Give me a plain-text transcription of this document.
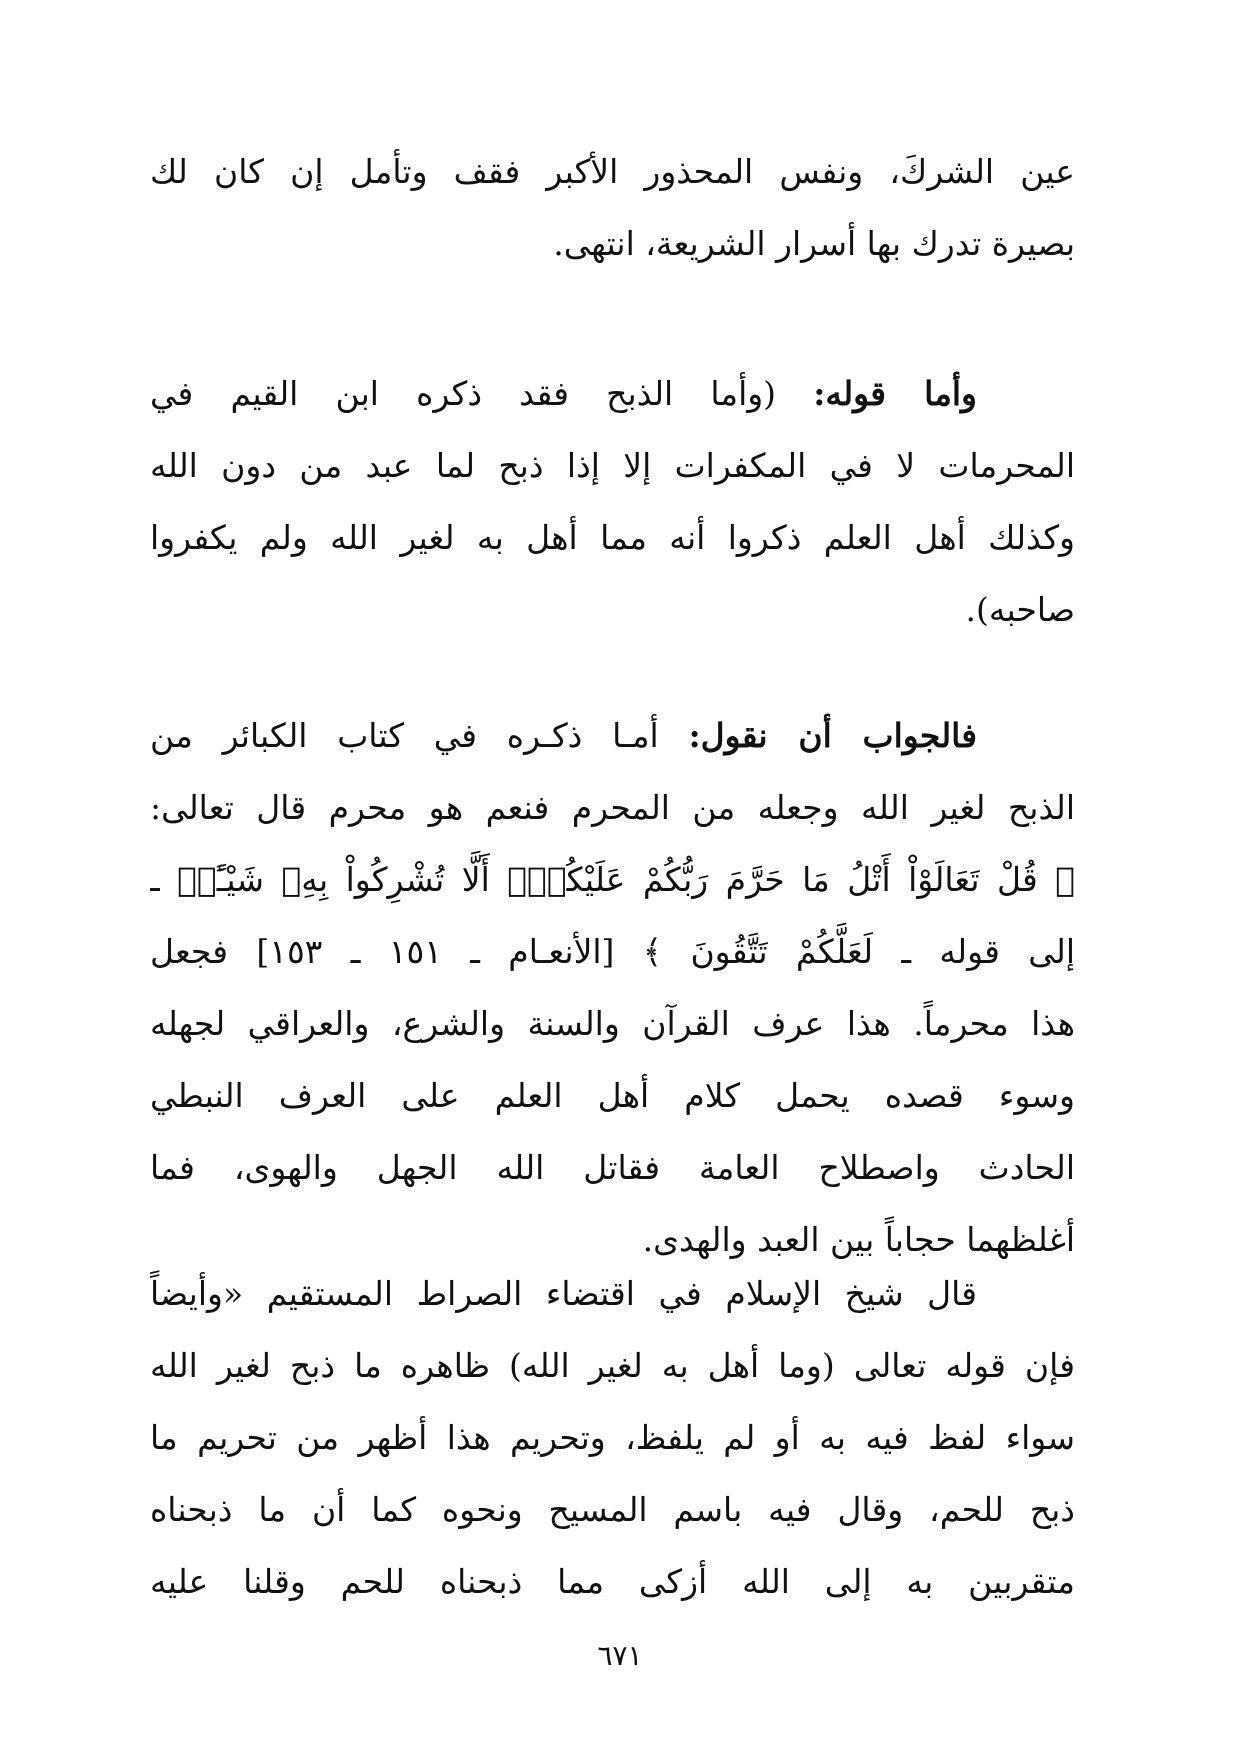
عين الشركَ، ونفس المحذور الأكبر فقف وتأمل إن كان لك
بصيرة تدرك بها أسرار الشريعة، انتهى.
وأما قوله: (وأما الذبح فقد ذكره ابن القيم في
المحرمات لا في المكفرات إلا إذا ذبح لما عبد من دون الله
وكذلك أهل العلم ذكروا أنه مما أهل به لغير الله ولم يكفروا
صاحبه).
فالجواب أن نقول: أمـا ذكـره في كتاب الكبائر من
الذبح لغير الله وجعله من المحرم فنعم هو محرم قال تعالى:
﴿ قُلْ تَعَالَوْاْ أَتْلُ مَا حَرَّمَ رَبُّكُمْ عَلَيْكُمْۖ أَلَّا تُشْرِكُواْ بِهِۦ شَيْـًٔاۖ ـ
إلى قوله ـ لَعَلَّكُمْ تَتَّقُونَ ﴾ [الأنعـام ـ ١٥١ ـ ١٥٣] فجعل
هذا محرماً. هذا عرف القرآن والسنة والشرع، والعراقي لجهله
وسوء قصده يحمل كلام أهل العلم على العرف النبطي
الحادث واصطلاح العامة فقاتل الله الجهل والهوى، فما
أغلظهما حجاباً بين العبد والهدى.
قال شيخ الإسلام في اقتضاء الصراط المستقيم «وأيضاً
فإن قوله تعالى (وما أهل به لغير الله) ظاهره ما ذبح لغير الله
سواء لفظ فيه به أو لم يلفظ، وتحريم هذا أظهر من تحريم ما
ذبح للحم، وقال فيه باسم المسيح ونحوه كما أن ما ذبحناه
متقربين به إلى الله أزكى مما ذبحناه للحم وقلنا عليه
٦٧١
